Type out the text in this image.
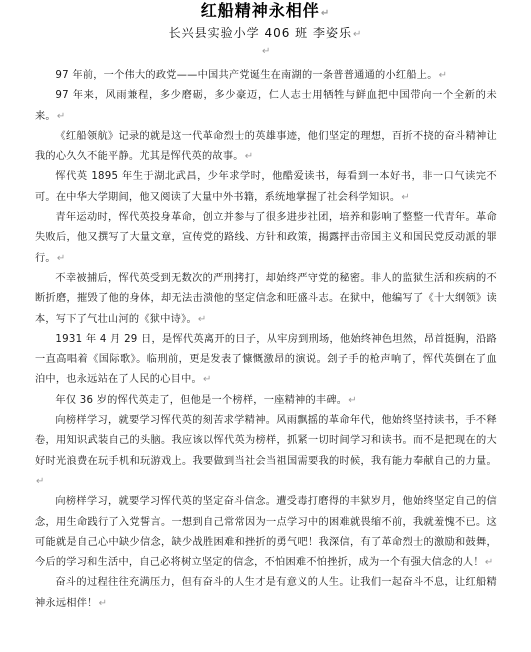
红船精神永相伴↵
长兴县实验小学 406 班 李姿乐↵
↵

97 年前，一个伟大的政党——中国共产党诞生在南湖的一条普普通通的小红船上。↵

97 年来，风雨兼程，多少磨砺，多少豪迈，仁人志士用牺牲与鲜血把中国带向一个全新的未来。↵

《红船领航》记录的就是这一代革命烈士的英雄事迹，他们坚定的理想，百折不挠的奋斗精神让我的心久久不能平静。尤其是恽代英的故事。↵

恽代英 1895 年生于湖北武昌，少年求学时，他酷爱读书，每看到一本好书，非一口气读完不可。在中华大学期间，他又阅读了大量中外书籍，系统地掌握了社会科学知识。↵

青年运动时，恽代英投身革命，创立并参与了很多进步社团，培养和影响了整整一代青年。革命失败后，他又撰写了大量文章，宣传党的路线、方针和政策，揭露抨击帝国主义和国民党反动派的罪行。↵

不幸被捕后，恽代英受到无数次的严刑拷打，却始终严守党的秘密。非人的监狱生活和疾病的不断折磨，摧毁了他的身体，却无法击溃他的坚定信念和旺盛斗志。在狱中，他编写了《十大纲领》读本，写下了气壮山河的《狱中诗》。↵

1931 年 4 月 29 日，是恽代英离开的日子，从牢房到刑场，他始终神色坦然，昂首挺胸，沿路一直高唱着《国际歌》。临刑前，更是发表了慷慨激昂的演说。刽子手的枪声响了，恽代英倒在了血泊中，也永远站在了人民的心目中。↵

年仅 36 岁的恽代英走了，但他是一个榜样，一座精神的丰碑。↵

向榜样学习，就要学习恽代英的刻苦求学精神。风雨飘摇的革命年代，他始终坚持读书，手不释卷，用知识武装自己的头脑。我应该以恽代英为榜样，抓紧一切时间学习和读书。而不是把现在的大好时光浪费在玩手机和玩游戏上。我要做到当社会当祖国需要我的时候，我有能力奉献自己的力量。↵

向榜样学习，就要学习恽代英的坚定奋斗信念。遭受毒打磨得的丰狱岁月，他始终坚定自己的信念，用生命践行了入党誓言。一想到自己常常因为一点学习中的困难就畏缩不前，我就羞愧不已。这可能就是自己心中缺少信念，缺少战胜困难和挫折的勇气吧！我深信，有了革命烈士的激励和鼓舞，今后的学习和生活中，自己必将树立坚定的信念，不怕困难不怕挫折，成为一个有强大信念的人！↵

奋斗的过程往往充满压力，但有奋斗的人生才是有意义的人生。让我们一起奋斗不息，让红船精神永远相伴！↵
